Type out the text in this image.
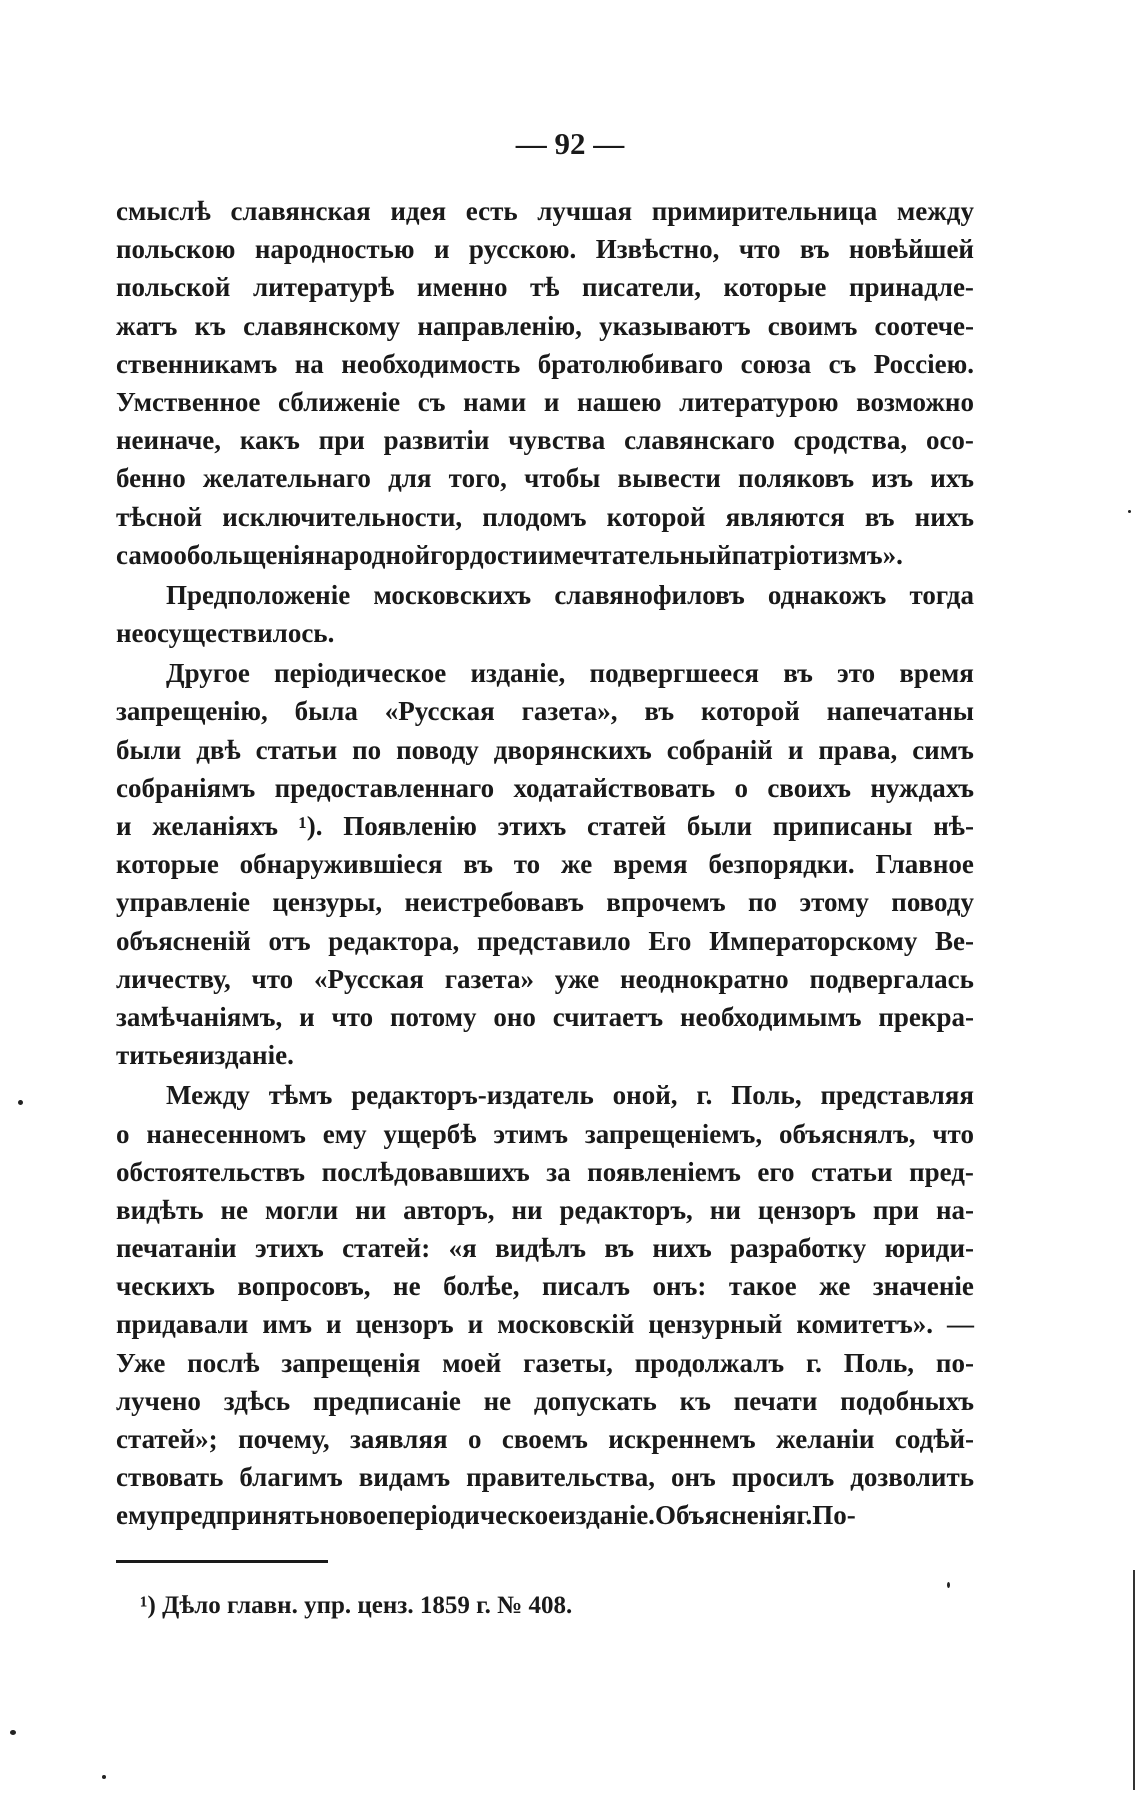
— 92 —
смыслѣ славянская идея есть лучшая примирительница между
польскою народностью и русскою. Извѣстно, что въ новѣйшей
польской литературѣ именно тѣ писатели, которые принадле-
жатъ къ славянскому направленію, указываютъ своимъ соотече-
ственникамъ на необходимость братолюбиваго союза съ Россіею.
Умственное сближеніе съ нами и нашею литературою возможно
неиначе, какъ при развитіи чувства славянскаго сродства, осо-
бенно желательнаго для того, чтобы вывести поляковъ изъ ихъ
тѣсной исключительности, плодомъ которой являются въ нихъ
самообольщенія народной гордости и мечтательный патріотизмъ».
Предположеніе московскихъ славянофиловъ однакожъ тогда
не осуществилось.
Другое періодическое изданіе, подвергшееся въ это время
запрещенію, была «Русская газета», въ которой напечатаны
были двѣ статьи по поводу дворянскихъ собраній и права, симъ
собраніямъ предоставленнаго ходатайствовать о своихъ нуждахъ
и желаніяхъ ¹). Появленію этихъ статей были приписаны нѣ-
которые обнаружившіеся въ то же время безпорядки. Главное
управленіе цензуры, неистребовавъ впрочемъ по этому поводу
объясненій отъ редактора, представило Его Императорскому Ве-
личеству, что «Русская газета» уже неоднократно подвергалась
замѣчаніямъ, и что потому оно считаетъ необходимымъ прекра-
тить ея изданіе.
Между тѣмъ редакторъ-издатель оной, г. Поль, представляя
о нанесенномъ ему ущербѣ этимъ запрещеніемъ, объяснялъ, что
обстоятельствъ послѣдовавшихъ за появленіемъ его статьи пред-
видѣть не могли ни авторъ, ни редакторъ, ни цензоръ при на-
печатаніи этихъ статей: «я видѣлъ въ нихъ разработку юриди-
ческихъ вопросовъ, не болѣе, писалъ онъ: такое же значеніе
придавали имъ и цензоръ и московскій цензурный комитетъ». —
Уже послѣ запрещенія моей газеты, продолжалъ г. Поль, по-
лучено здѣсь предписаніе не допускать къ печати подобныхъ
статей»; почему, заявляя о своемъ искреннемъ желаніи содѣй-
ствовать благимъ видамъ правительства, онъ просилъ дозволить
ему предпринять новое періодическое изданіе. Объясненія г. По-
¹) Дѣло главн. упр. ценз. 1859 г. № 408.
